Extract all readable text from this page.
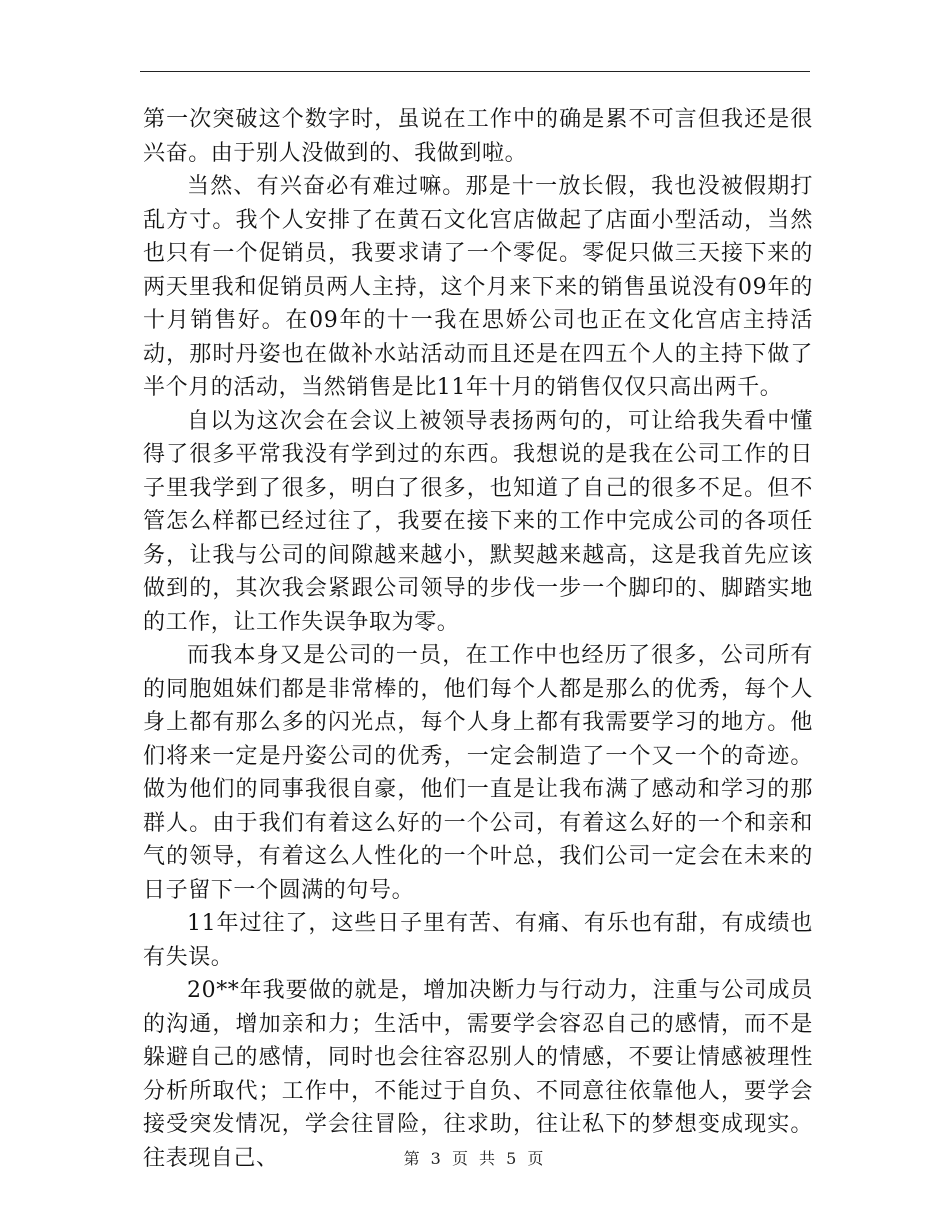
第一次突破这个数字时，虽说在工作中的确是累不可言但我还是很兴奋。由于别人没做到的、我做到啦。

当然、有兴奋必有难过嘛。那是十一放长假，我也没被假期打乱方寸。我个人安排了在黄石文化宫店做起了店面小型活动，当然也只有一个促销员，我要求请了一个零促。零促只做三天接下来的两天里我和促销员两人主持，这个月来下来的销售虽说没有09年的十月销售好。在09年的十一我在思娇公司也正在文化宫店主持活动，那时丹姿也在做补水站活动而且还是在四五个人的主持下做了半个月的活动，当然销售是比11年十月的销售仅仅只高出两千。

自以为这次会在会议上被领导表扬两句的，可让给我失看中懂得了很多平常我没有学到过的东西。我想说的是我在公司工作的日子里我学到了很多，明白了很多，也知道了自己的很多不足。但不管怎么样都已经过往了，我要在接下来的工作中完成公司的各项任务，让我与公司的间隙越来越小，默契越来越高，这是我首先应该做到的，其次我会紧跟公司领导的步伐一步一个脚印的、脚踏实地的工作，让工作失误争取为零。

而我本身又是公司的一员，在工作中也经历了很多，公司所有的同胞姐妹们都是非常棒的，他们每个人都是那么的优秀，每个人身上都有那么多的闪光点，每个人身上都有我需要学习的地方。他们将来一定是丹姿公司的优秀，一定会制造了一个又一个的奇迹。做为他们的同事我很自豪，他们一直是让我布满了感动和学习的那群人。由于我们有着这么好的一个公司，有着这么好的一个和亲和气的领导，有着这么人性化的一个叶总，我们公司一定会在未来的日子留下一个圆满的句号。

11年过往了，这些日子里有苦、有痛、有乐也有甜，有成绩也有失误。

20**年我要做的就是，增加决断力与行动力，注重与公司成员的沟通，增加亲和力；生活中，需要学会容忍自己的感情，而不是躲避自己的感情，同时也会往容忍别人的情感，不要让情感被理性分析所取代；工作中，不能过于自负、不同意往依靠他人，要学会接受突发情况，学会往冒险，往求助，往让私下的梦想变成现实。往表现自己、	第 3 页 共 5 页
